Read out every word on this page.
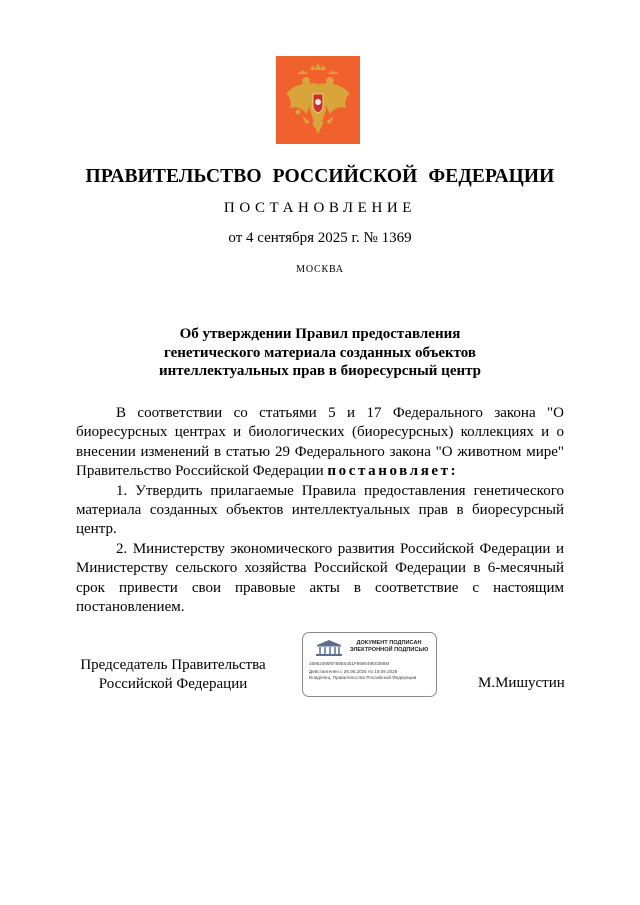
ПРАВИТЕЛЬСТВО РОССИЙСКОЙ ФЕДЕРАЦИИ
ПОСТАНОВЛЕНИЕ
от 4 сентября 2025 г. № 1369
МОСКВА
Об утверждении Правил предоставления
генетического материала созданных объектов
интеллектуальных прав в биоресурсный центр

В соответствии со статьями 5 и 17 Федерального закона "О биоресурсных центрах и биологических (биоресурсных) коллекциях и о внесении изменений в статью 29 Федерального закона "О животном мире" Правительство Российской Федерации постановляет:

1. Утвердить прилагаемые Правила предоставления генетического материала созданных объектов интеллектуальных прав в биоресурсный центр.

2. Министерству экономического развития Российской Федерации и Министерству сельского хозяйства Российской Федерации в 6-месячный срок привести свои правовые акты в соответствие с настоящим постановлением.

Председатель Правительства
Российской Федерации
ДОКУМЕНТ ПОДПИСАН
ЭЛЕКТРОННОЙ ПОДПИСЬЮ
16862486l97695S451F868049E0388M
Действителен с 26.06.2025 по 19.09.2026
Владелец: Правительство Российской Федерации	М.Мишустин
